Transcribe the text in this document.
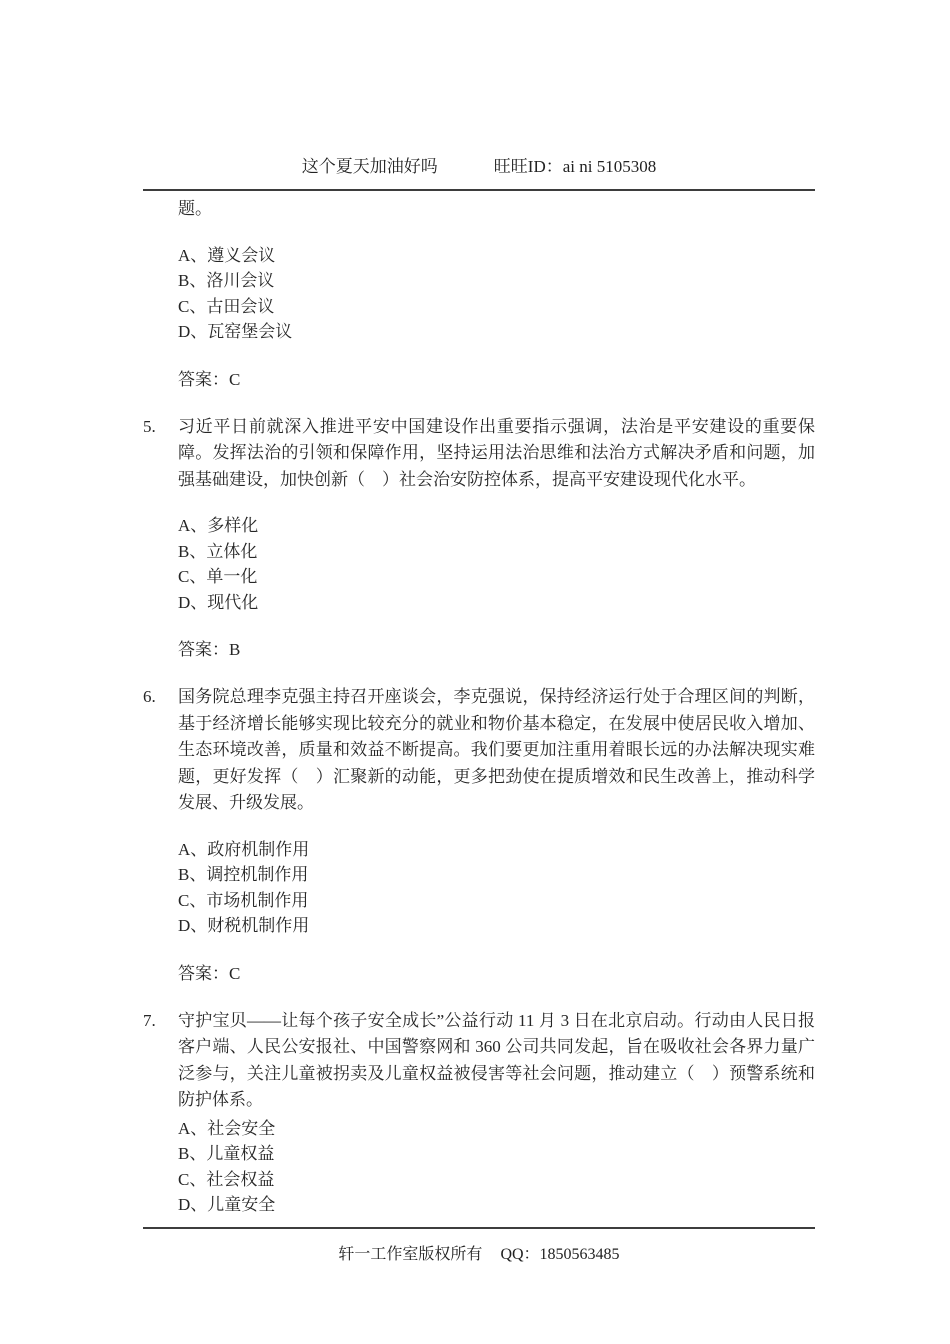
这个夏天加油好吗	旺旺ID：ai ni 5105308

题。

A、遵义会议

B、洛川会议

C、古田会议

D、瓦窑堡会议

答案：C

5.	习近平日前就深入推进平安中国建设作出重要指示强调，法治是平安建设的重要保障。发挥法治的引领和保障作用，坚持运用法治思维和法治方式解决矛盾和问题，加强基础建设，加快创新（　）社会治安防控体系，提高平安建设现代化水平。

A、多样化

B、立体化

C、单一化

D、现代化

答案：B

6.	国务院总理李克强主持召开座谈会，李克强说，保持经济运行处于合理区间的判断，基于经济增长能够实现比较充分的就业和物价基本稳定，在发展中使居民收入增加、生态环境改善，质量和效益不断提高。我们要更加注重用着眼长远的办法解决现实难题，更好发挥（　）汇聚新的动能，更多把劲使在提质增效和民生改善上，推动科学发展、升级发展。

A、政府机制作用

B、调控机制作用

C、市场机制作用

D、财税机制作用

答案：C

7.	守护宝贝——让每个孩子安全成长”公益行动 11 月 3 日在北京启动。行动由人民日报客户端、人民公安报社、中国警察网和 360 公司共同发起，旨在吸收社会各界力量广泛参与，关注儿童被拐卖及儿童权益被侵害等社会问题，推动建立（　）预警系统和防护体系。

A、社会安全

B、儿童权益

C、社会权益

D、儿童安全

轩一工作室版权所有 QQ：1850563485
